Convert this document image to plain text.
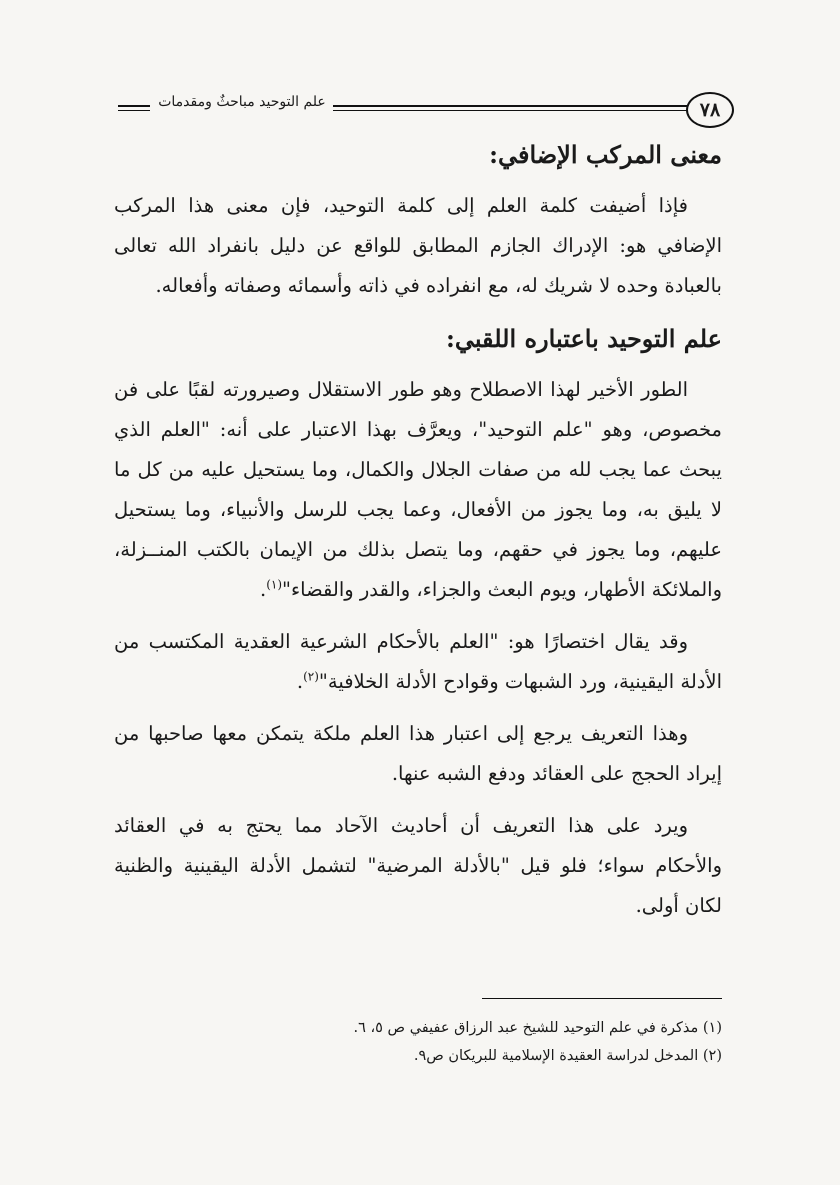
٧٨
علم التوحيد مباحثٌ ومقدمات
معنى المركب الإضافي:

فإذا أضيفت كلمة العلم إلى كلمة التوحيد، فإن معنى هذا المركب الإضافي هو: الإدراك الجازم المطابق للواقع عن دليل بانفراد الله تعالى بالعبادة وحده لا شريك له، مع انفراده في ذاته وأسمائه وصفاته وأفعاله.

علم التوحيد باعتباره اللقبي:

الطور الأخير لهذا الاصطلاح وهو طور الاستقلال وصيرورته لقبًا على فن مخصوص، وهو "علم التوحيد"، ويعرَّف بهذا الاعتبار على أنه: "العلم الذي يبحث عما يجب لله من صفات الجلال والكمال، وما يستحيل عليه من كل ما لا يليق به، وما يجوز من الأفعال، وعما يجب للرسل والأنبياء، وما يستحيل عليهم، وما يجوز في حقهم، وما يتصل بذلك من الإيمان بالكتب المنــزلة، والملائكة الأطهار، ويوم البعث والجزاء، والقدر والقضاء"$^{(١)}$.

وقد يقال اختصارًا هو: "العلم بالأحكام الشرعية العقدية المكتسب من الأدلة اليقينية، ورد الشبهات وقوادح الأدلة الخلافية"$^{(٢)}$.

وهذا التعريف يرجع إلى اعتبار هذا العلم ملكة يتمكن معها صاحبها من إيراد الحجج على العقائد ودفع الشبه عنها.

ويرد على هذا التعريف أن أحاديث الآحاد مما يحتج به في العقائد والأحكام سواء؛ فلو قيل "بالأدلة المرضية" لتشمل الأدلة اليقينية والظنية لكان أولى.

(١) مذكرة في علم التوحيد للشيخ عبد الرزاق عفيفي ص ٥، ٦.
(٢) المدخل لدراسة العقيدة الإسلامية للبريكان ص٩.
